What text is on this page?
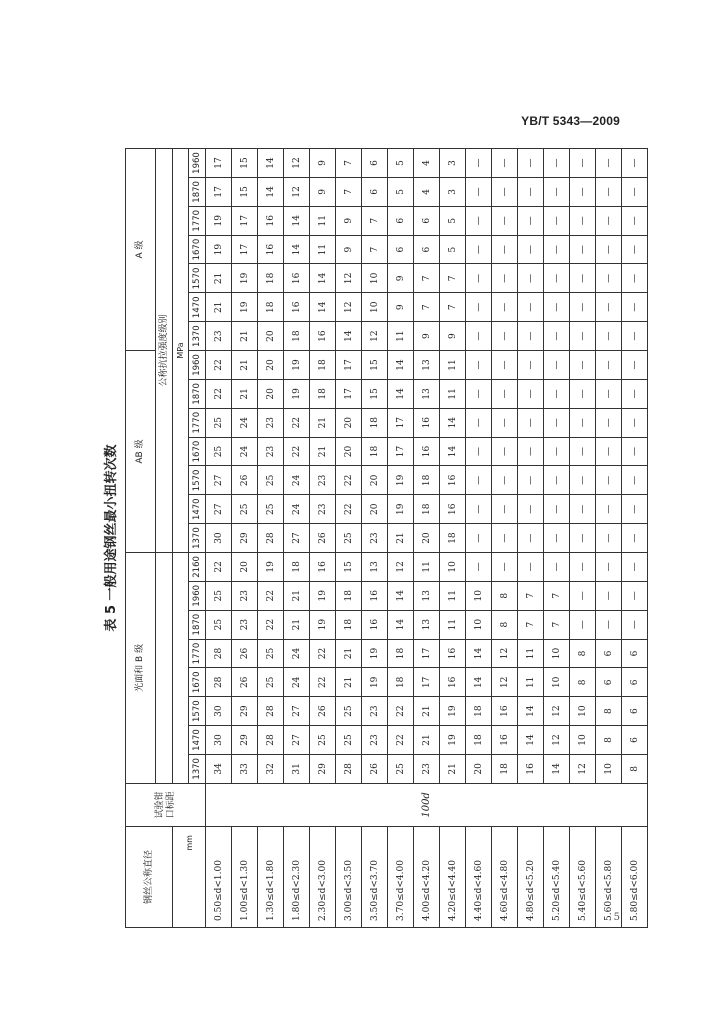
YB/T 5343—2009
表 5 一般用途钢丝最小扭转次数
钢丝公称直径	试验钳口标距	光面和 B 级								AB 级							A 级						
										公称抗拉强度级别													
mm										MPa													
		1370	1470	1570	1670	1770	1870	1960	2160	1370	1470	1570	1670	1770	1870	1960	1370	1470	1570	1670	1770	1870	1960
0.50≤d<1.00	100d	34	30	30	28	28	25	25	22	30	27	27	25	25	22	22	23	21	21	19	19	17	17
1.00≤d<1.30		33	29	29	26	26	23	23	20	29	25	26	24	24	21	21	21	19	19	17	17	15	15
1.30≤d<1.80		32	28	28	25	25	22	22	19	28	25	25	23	23	20	20	20	18	18	16	16	14	14
1.80≤d<2.30		31	27	27	24	24	21	21	18	27	24	24	22	22	19	19	18	16	16	14	14	12	12
2.30≤d<3.00		29	25	26	22	22	19	19	16	26	23	23	21	21	18	18	16	14	14	11	11	9	9
3.00≤d<3.50		28	25	25	21	21	18	18	15	25	22	22	20	20	17	17	14	12	12	9	9	7	7
3.50≤d<3.70		26	23	23	19	19	16	16	13	23	20	20	18	18	15	15	12	10	10	7	7	6	6
3.70≤d<4.00		25	22	22	18	18	14	14	12	21	19	19	17	17	14	14	11	9	9	6	6	5	5
4.00≤d<4.20		23	21	21	17	17	13	13	11	20	18	18	16	16	13	13	9	7	7	6	6	4	4
4.20≤d<4.40		21	19	19	16	16	11	11	10	18	16	16	14	14	11	11	9	7	7	5	5	3	3
4.40≤d<4.60		20	18	18	14	14	10	10	—	—	—	—	—	—	—	—	—	—	—	—	—	—	—
4.60≤d<4.80		18	16	16	12	12	8	8	—	—	—	—	—	—	—	—	—	—	—	—	—	—	—
4.80≤d<5.20		16	14	14	11	11	7	7	—	—	—	—	—	—	—	—	—	—	—	—	—	—	—
5.20≤d<5.40		14	12	12	10	10	7	7	—	—	—	—	—	—	—	—	—	—	—	—	—	—	—
5.40≤d<5.60		12	10	10	8	8	—	—	—	—	—	—	—	—	—	—	—	—	—	—	—	—	—
5.60≤d<5.80		10	8	8	6	6	—	—	—	—	—	—	—	—	—	—	—	—	—	—	—	—	—
5.80≤d<6.00		8	6	6	6	6	—	—	—	—	—	—	—	—	—	—	—	—	—	—	—	—	—
5
